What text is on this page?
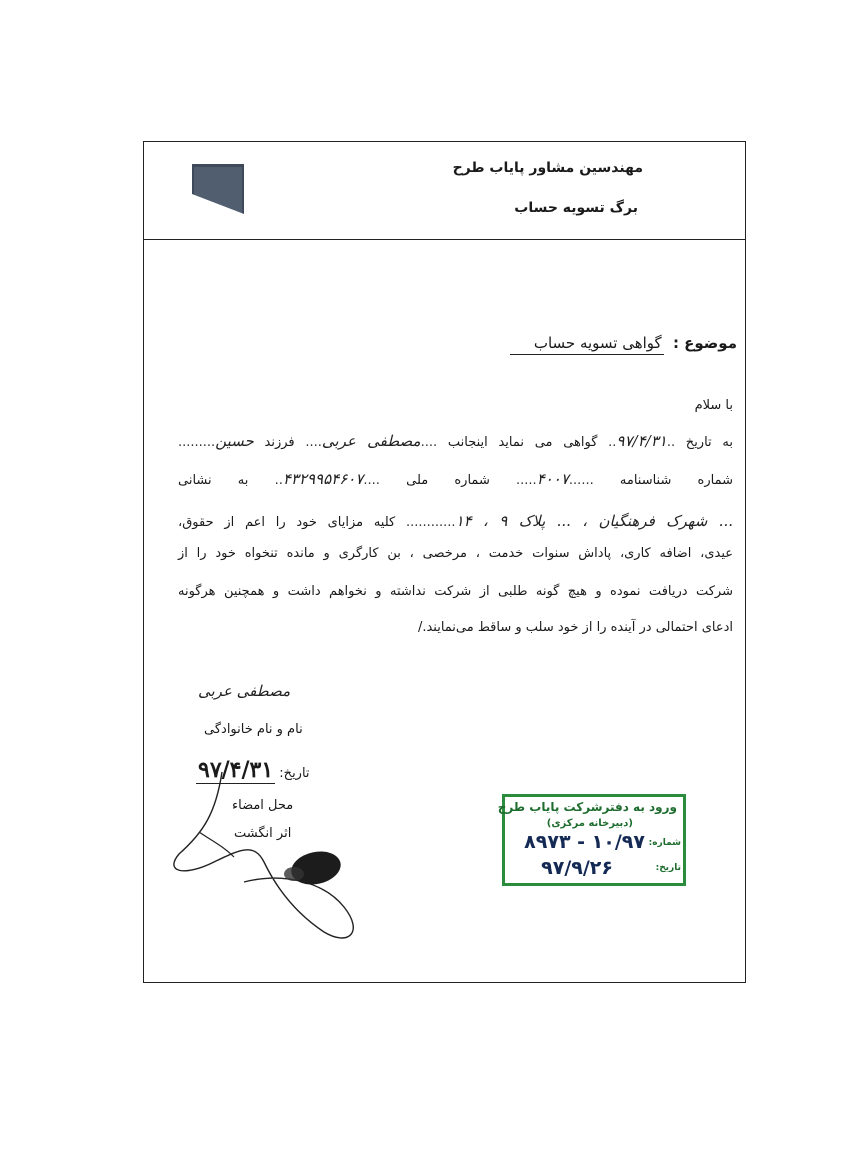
مهندسین مشاور پایاب طرح
برگ تسویه حساب
موضوع : گواهی تسویه حساب
با سلام
به تاریخ ..۹۷/۴/۳۱.. گواهی می نماید اینجانب ....مصطفی عربی.... فرزند حسین.........
شماره شناسنامه ......۴۰۰۷..... شماره ملی ....۴۳۲۹۹۵۴۶۰۷.. به نشانی
... شهرک فرهنگیان ، ... پلاک ۹ ، ۱۴............ کلیه مزایای خود را اعم از حقوق،
عیدی، اضافه کاری، پاداش سنوات خدمت ، مرخصی ، بن کارگری و مانده تنخواه خود را از
شرکت دریافت نموده و هیچ گونه طلبی از شرکت نداشته و نخواهم داشت و همچنین هرگونه
ادعای احتمالی در آینده را از خود سلب و ساقط می‌نمایند./
مصطفی عربی
نام و نام خانوادگی
تاریخ: ۹۷/۴/۳۱
محل امضاء
اثر انگشت
ورود به دفترشرکت پایاب طرح
(دبیرخانه مرکزی)
شماره:
۱۰/۹۷ - ۸۹۷۳
تاریخ:
۹۷/۹/۲۶
